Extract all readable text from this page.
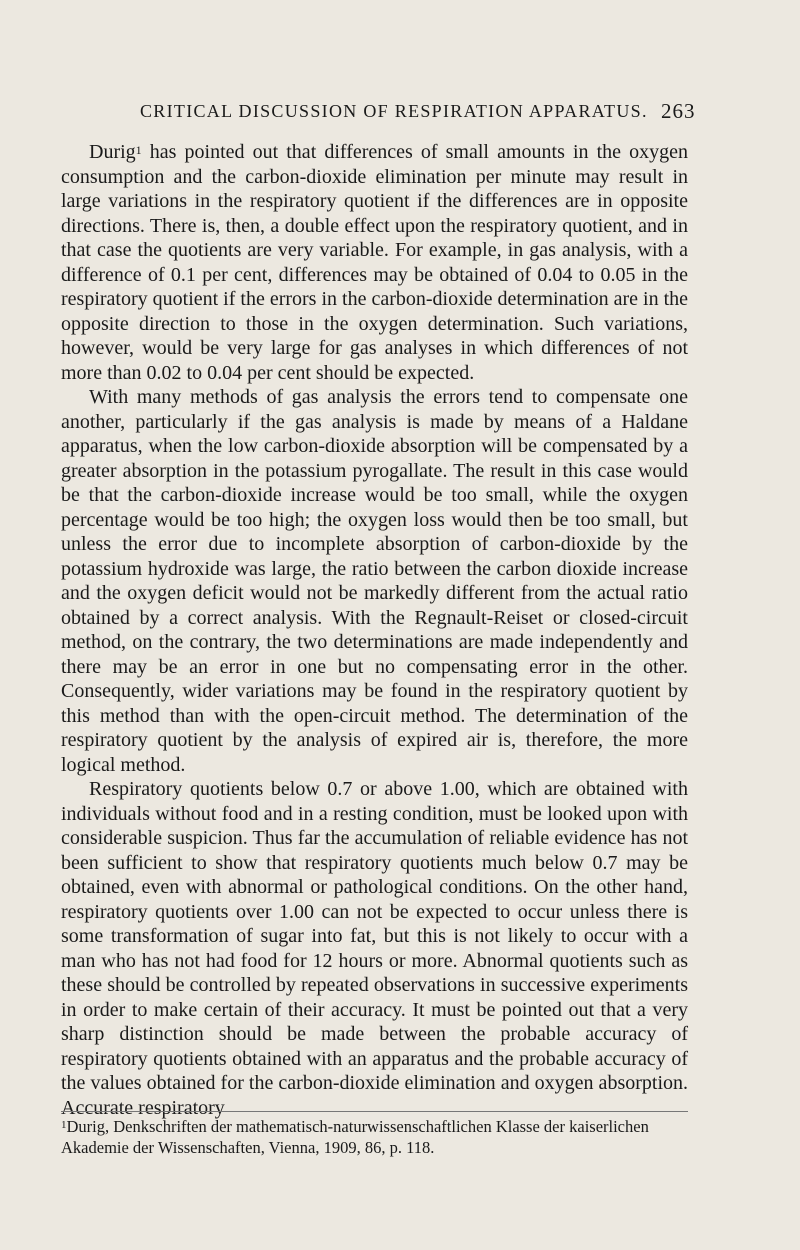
CRITICAL DISCUSSION OF RESPIRATION APPARATUS. 263

Durig$^1$ has pointed out that differences of small amounts in the oxygen consumption and the carbon-dioxide elimination per minute may result in large variations in the respiratory quotient if the differences are in opposite directions. There is, then, a double effect upon the respiratory quotient, and in that case the quotients are very variable. For example, in gas analysis, with a difference of 0.1 per cent, differences may be obtained of 0.04 to 0.05 in the respiratory quotient if the errors in the carbon-dioxide determination are in the opposite direction to those in the oxygen determination. Such variations, however, would be very large for gas analyses in which differences of not more than 0.02 to 0.04 per cent should be expected.

With many methods of gas analysis the errors tend to compensate one another, particularly if the gas analysis is made by means of a Haldane apparatus, when the low carbon-dioxide absorption will be compensated by a greater absorption in the potassium pyrogallate. The result in this case would be that the carbon-dioxide increase would be too small, while the oxygen percentage would be too high; the oxygen loss would then be too small, but unless the error due to incomplete absorption of carbon-dioxide by the potassium hydroxide was large, the ratio between the carbon dioxide increase and the oxygen deficit would not be markedly different from the actual ratio obtained by a correct analysis. With the Regnault-Reiset or closed-circuit method, on the contrary, the two determinations are made independently and there may be an error in one but no compensating error in the other. Consequently, wider variations may be found in the respiratory quotient by this method than with the open-circuit method. The determination of the respiratory quotient by the analysis of expired air is, therefore, the more logical method.

Respiratory quotients below 0.7 or above 1.00, which are obtained with individuals without food and in a resting condition, must be looked upon with considerable suspicion. Thus far the accumulation of reliable evidence has not been sufficient to show that respiratory quotients much below 0.7 may be obtained, even with abnormal or pathological conditions. On the other hand, respiratory quotients over 1.00 can not be expected to occur unless there is some transformation of sugar into fat, but this is not likely to occur with a man who has not had food for 12 hours or more. Abnormal quotients such as these should be controlled by repeated observations in successive experiments in order to make certain of their accuracy. It must be pointed out that a very sharp distinction should be made between the probable accuracy of respiratory quotients obtained with an apparatus and the probable accuracy of the values obtained for the carbon-dioxide elimination and oxygen absorption. Accurate respiratory

$^1$Durig, Denkschriften der mathematisch-naturwissenschaftlichen Klasse der kaiserlichen Akademie der Wissenschaften, Vienna, 1909, 86, p. 118.
